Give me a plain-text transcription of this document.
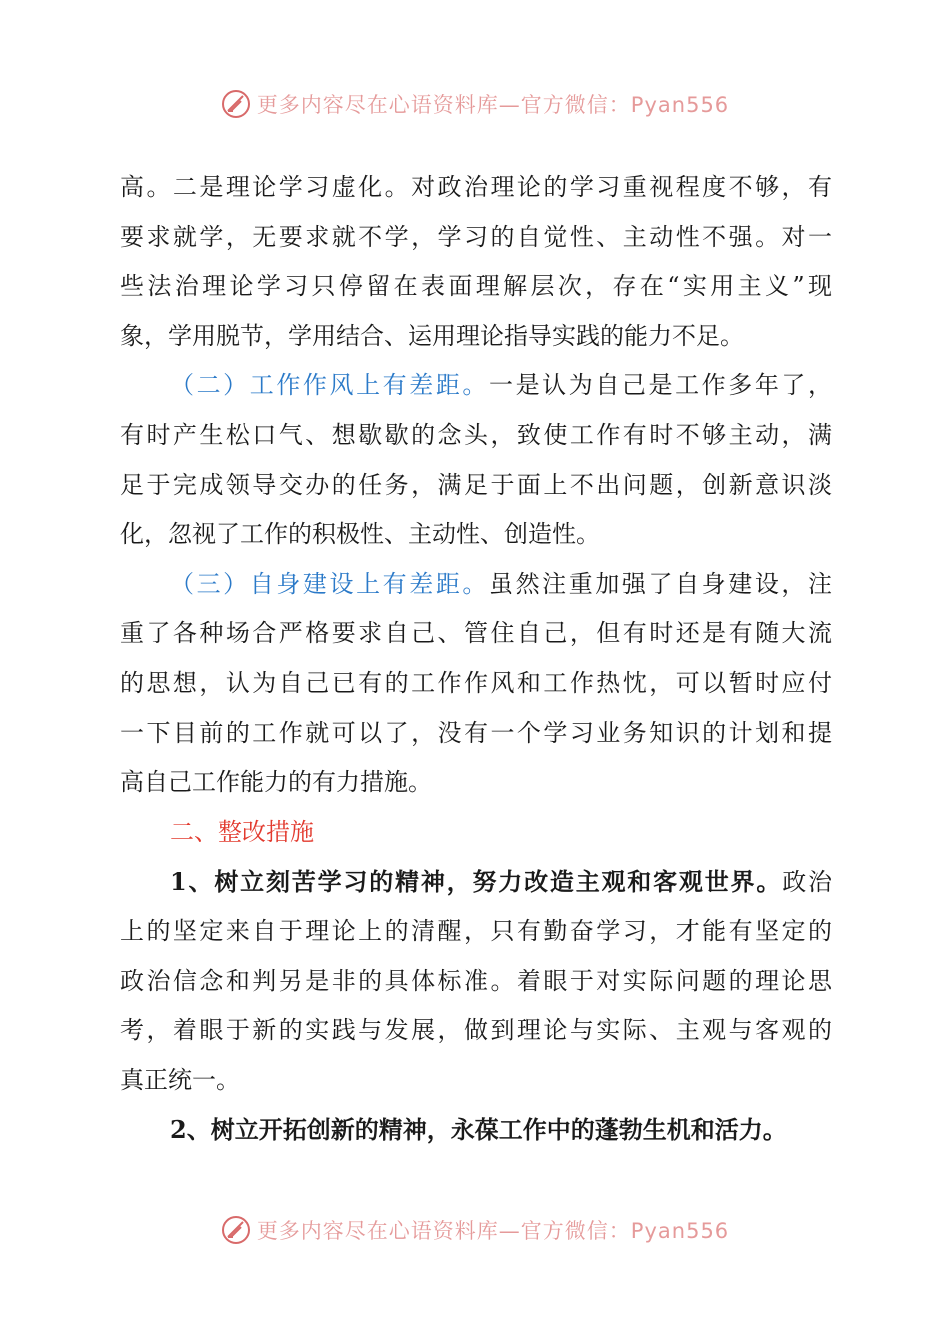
更多内容尽在心语资料库—官方微信：Pyan556
高。二是理论学习虚化。对政治理论的学习重视程度不够，有
要求就学，无要求就不学，学习的自觉性、主动性不强。对一
些法治理论学习只停留在表面理解层次，存在“实用主义”现
象，学用脱节，学用结合、运用理论指导实践的能力不足。
（二）工作作风上有差距。一是认为自己是工作多年了，
有时产生松口气、想歇歇的念头，致使工作有时不够主动，满
足于完成领导交办的任务，满足于面上不出问题，创新意识淡
化，忽视了工作的积极性、主动性、创造性。
（三）自身建设上有差距。虽然注重加强了自身建设，注
重了各种场合严格要求自己、管住自己，但有时还是有随大流
的思想，认为自己已有的工作作风和工作热忱，可以暂时应付
一下目前的工作就可以了，没有一个学习业务知识的计划和提
高自己工作能力的有力措施。
二、整改措施
1、树立刻苦学习的精神，努力改造主观和客观世界。政治
上的坚定来自于理论上的清醒，只有勤奋学习，才能有坚定的
政治信念和判另是非的具体标准。着眼于对实际问题的理论思
考，着眼于新的实践与发展，做到理论与实际、主观与客观的
真正统一。
2、树立开拓创新的精神，永葆工作中的蓬勃生机和活力。
更多内容尽在心语资料库—官方微信：Pyan556
